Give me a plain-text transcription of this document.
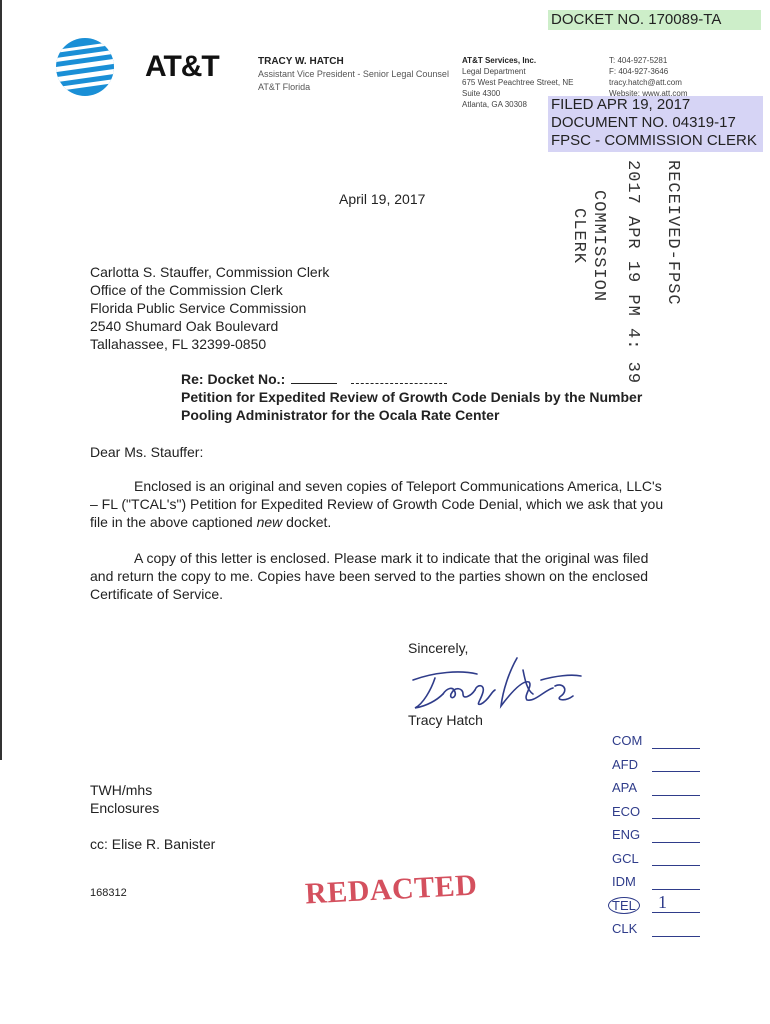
DOCKET NO. 170089-TA
FILED APR 19, 2017
DOCUMENT NO. 04319-17
FPSC - COMMISSION CLERK
AT&T	TRACY W. HATCH
Assistant Vice President - Senior Legal Counsel
AT&T Florida
AT&T Services, Inc.
Legal Department
675 West Peachtree Street, NE
Suite 4300
Atlanta, GA 30308
T: 404-927-5281
F: 404-927-3646
tracy.hatch@att.com
Website: www.att.com
RECEIVED-FPSC
2017 APR 19 PM 4: 39
COMMISSION
CLERK
April 19, 2017
Carlotta S. Stauffer, Commission Clerk
Office of the Commission Clerk
Florida Public Service Commission
2540 Shumard Oak Boulevard
Tallahassee, FL 32399-0850
Re: Docket No.:
Petition for Expedited Review of Growth Code Denials by the Number
Pooling Administrator for the Ocala Rate Center
Dear Ms. Stauffer:
Enclosed is an original and seven copies of Teleport Communications America, LLC's – FL ("TCAL's") Petition for Expedited Review of Growth Code Denial, which we ask that you file in the above captioned new docket.
A copy of this letter is enclosed. Please mark it to indicate that the original was filed and return the copy to me. Copies have been served to the parties shown on the enclosed Certificate of Service.
Sincerely,
Tracy Hatch
TWH/mhs
Enclosures
cc: Elise R. Banister
168312	REDACTED
COM
AFD
APA
ECO
ENG
GCL
IDM
TEL	1
CLK
